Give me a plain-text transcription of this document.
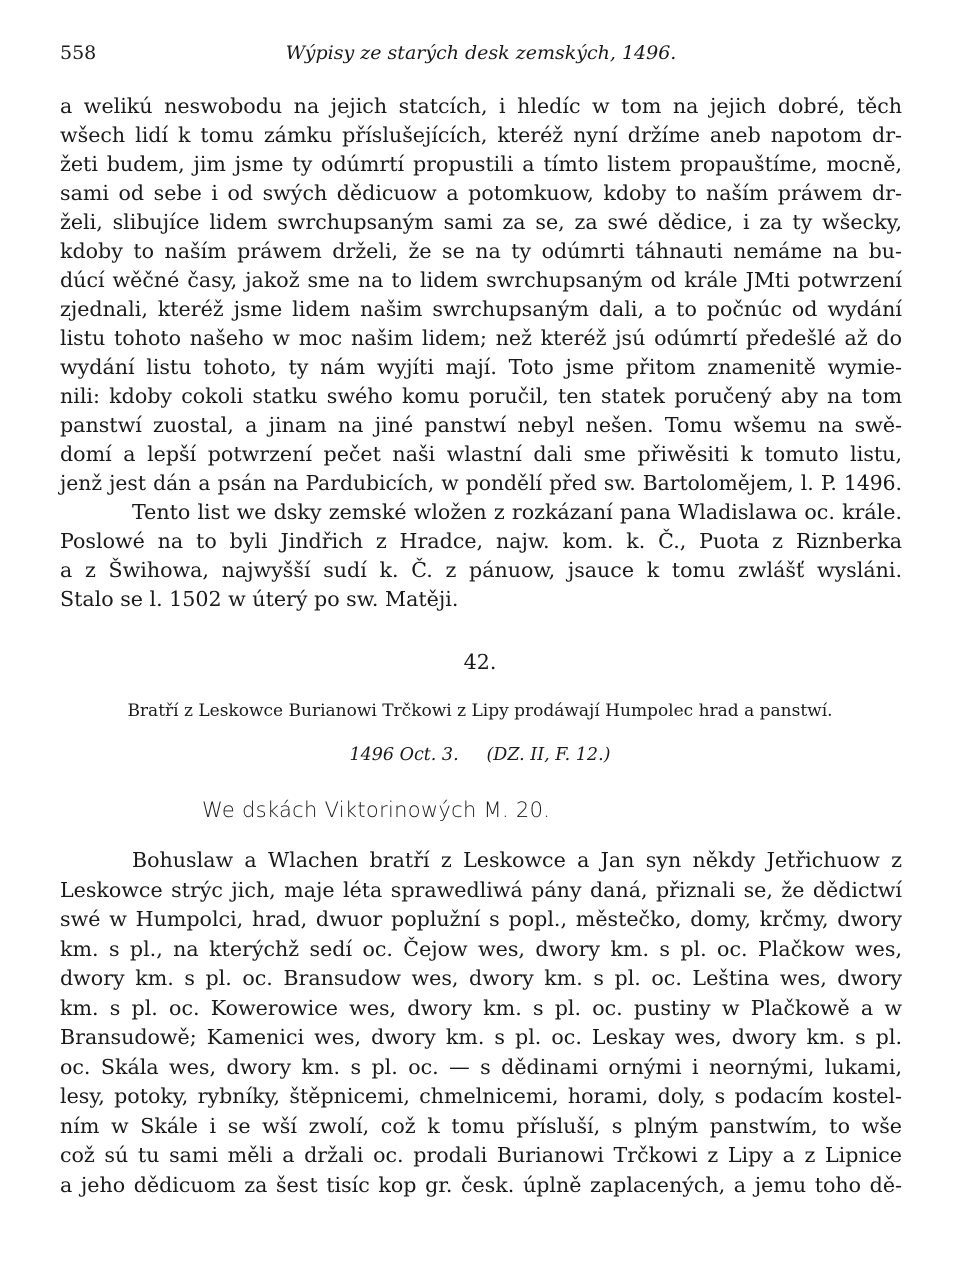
558	Wýpisy ze starých desk zemských, 1496.
a welikú neswobodu na jejich statcích, i hledíc w tom na jejich dobré, těch
wšech lidí k tomu zámku příslušejících, kteréž nyní držíme aneb napotom dr-
žeti budem, jim jsme ty odúmrtí propustili a tímto listem propauštíme, mocně,
sami od sebe i od swých dědicuow a potomkuow, kdoby to naším práwem dr-
želi, slibujíce lidem swrchupsaným sami za se, za swé dědice, i za ty wšecky,
kdoby to naším práwem drželi, že se na ty odúmrti táhnauti nemáme na bu-
dúcí wěčné časy, jakož sme na to lidem swrchupsaným od krále JMti potwrzení
zjednali, kteréž jsme lidem našim swrchupsaným dali, a to počnúc od wydání
listu tohoto našeho w moc našim lidem; než kteréž jsú odúmrtí předešlé až do
wydání listu tohoto, ty nám wyjíti mají. Toto jsme přitom znamenitě wymie-
nili: kdoby cokoli statku swého komu poručil, ten statek poručený aby na tom
panstwí zuostal, a jinam na jiné panstwí nebyl nešen. Tomu wšemu na swě-
domí a lepší potwrzení pečet naši wlastní dali sme přiwěsiti k tomuto listu,
jenž jest dán a psán na Pardubicích, w pondělí před sw. Bartolomějem, l. P. 1496.
Tento list we dsky zemské wložen z rozkázaní pana Wladislawa oc. krále.
Poslowé na to byli Jindřich z Hradce, najw. kom. k. Č., Puota z Riznberka
a z Šwihowa, najwyšší sudí k. Č. z pánuow, jsauce k tomu zwlášť wysláni.
Stalo se l. 1502 w úterý po sw. Matěji.
42.
Bratří z Leskowce Burianowi Trčkowi z Lipy prodáwají Humpolec hrad a panstwí.
1496 Oct. 3. (DZ. II, F. 12.)
We dskách Viktorinowých M. 20.
Bohuslaw a Wlachen bratří z Leskowce a Jan syn někdy Jetřichuow z
Leskowce strýc jich, maje léta sprawedliwá pány daná, přiznali se, že dědictwí
swé w Humpolci, hrad, dwuor poplužní s popl., městečko, domy, krčmy, dwory
km. s pl., na kterýchž sedí oc. Čejow wes, dwory km. s pl. oc. Plačkow wes,
dwory km. s pl. oc. Bransudow wes, dwory km. s pl. oc. Leština wes, dwory
km. s pl. oc. Kowerowice wes, dwory km. s pl. oc. pustiny w Plačkowě a w
Bransudowě; Kamenici wes, dwory km. s pl. oc. Leskay wes, dwory km. s pl.
oc. Skála wes, dwory km. s pl. oc. — s dědinami ornými i neornými, lukami,
lesy, potoky, rybníky, štěpnicemi, chmelnicemi, horami, doly, s podacím kostel-
ním w Skále i se wší zwolí, což k tomu přísluší, s plným panstwím, to wše
což sú tu sami měli a držali oc. prodali Burianowi Trčkowi z Lipy a z Lipnice
a jeho dědicuom za šest tisíc kop gr. česk. úplně zaplacených, a jemu toho dě-
